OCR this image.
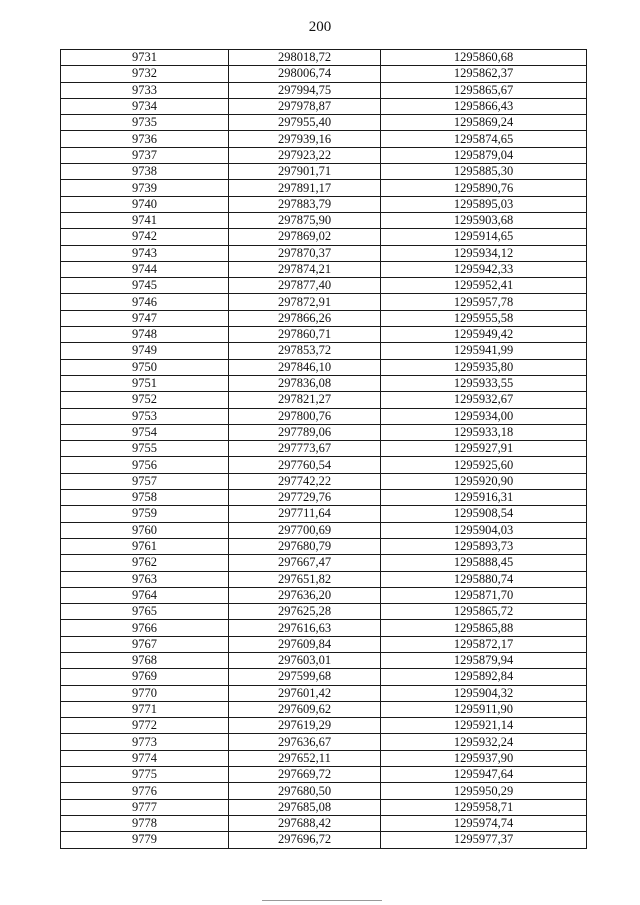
200
9731	298018,72	1295860,68
9732	298006,74	1295862,37
9733	297994,75	1295865,67
9734	297978,87	1295866,43
9735	297955,40	1295869,24
9736	297939,16	1295874,65
9737	297923,22	1295879,04
9738	297901,71	1295885,30
9739	297891,17	1295890,76
9740	297883,79	1295895,03
9741	297875,90	1295903,68
9742	297869,02	1295914,65
9743	297870,37	1295934,12
9744	297874,21	1295942,33
9745	297877,40	1295952,41
9746	297872,91	1295957,78
9747	297866,26	1295955,58
9748	297860,71	1295949,42
9749	297853,72	1295941,99
9750	297846,10	1295935,80
9751	297836,08	1295933,55
9752	297821,27	1295932,67
9753	297800,76	1295934,00
9754	297789,06	1295933,18
9755	297773,67	1295927,91
9756	297760,54	1295925,60
9757	297742,22	1295920,90
9758	297729,76	1295916,31
9759	297711,64	1295908,54
9760	297700,69	1295904,03
9761	297680,79	1295893,73
9762	297667,47	1295888,45
9763	297651,82	1295880,74
9764	297636,20	1295871,70
9765	297625,28	1295865,72
9766	297616,63	1295865,88
9767	297609,84	1295872,17
9768	297603,01	1295879,94
9769	297599,68	1295892,84
9770	297601,42	1295904,32
9771	297609,62	1295911,90
9772	297619,29	1295921,14
9773	297636,67	1295932,24
9774	297652,11	1295937,90
9775	297669,72	1295947,64
9776	297680,50	1295950,29
9777	297685,08	1295958,71
9778	297688,42	1295974,74
9779	297696,72	1295977,37
